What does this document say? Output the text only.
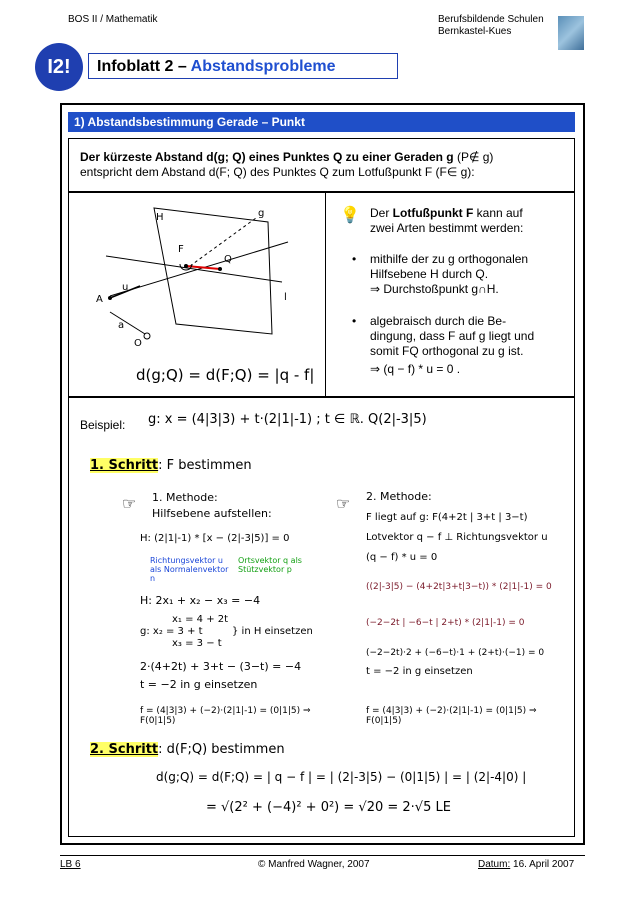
BOS II / Mathematik	Berufsbildende Schulen
Bernkastel-Kues
I2!	Infoblatt 2 – Abstandsprobleme
1) Abstandsbestimmung Gerade – Punkt
Der kürzeste Abstand d(g; Q) eines Punktes Q zu einer Geraden g (P∉ g)
entspricht dem Abstand d(F; Q) des Punktes Q zum Lotfußpunkt F (F∈ g):
H	g
F
Q
A
u
a
O
l
d(g;Q) = d(F;Q) = |q - f|
💡 Der Lotfußpunkt F kann auf
zwei Arten bestimmt werden:
• mithilfe der zu g orthogonalen
Hilfsebene H durch Q.
⇒ Durchstoßpunkt g∩H.
• algebraisch durch die Be-
dingung, dass F auf g liegt und
somit FQ orthogonal zu g ist.
⇒ (q − f) * u = 0 .
Beispiel: g: x = (4|3|3) + t·(2|1|-1) ; t ∈ ℝ. Q(2|-3|5)
1. Schritt: F bestimmen
☞ 1. Methode:
Hilfsebene aufstellen:
H: (2|1|-1) * [x − (2|-3|5)] = 0
Richtungsvektor u als Normalenvektor n
Ortsvektor q als Stützvektor p
H: 2x₁ + x₂ − x₃ = −4
x₁ = 4 + 2t
g: x₂ = 3 + t
x₃ = 3 − t
} in H einsetzen
2·(4+2t) + 3+t − (3−t) = −4
t = −2 in g einsetzen
f = (4|3|3) + (−2)·(2|1|-1) = (0|1|5) ⇒ F(0|1|5)
☞ 2. Methode:
F liegt auf g: F(4+2t | 3+t | 3−t)
Lotvektor q − f ⊥ Richtungsvektor u
(q − f) * u = 0
((2|-3|5) − (4+2t|3+t|3−t)) * (2|1|-1) = 0
(−2−2t | −6−t | 2+t) * (2|1|-1) = 0
(−2−2t)·2 + (−6−t)·1 + (2+t)·(−1) = 0
t = −2 in g einsetzen
f = (4|3|3) + (−2)·(2|1|-1) = (0|1|5) ⇒ F(0|1|5)
2. Schritt: d(F;Q) bestimmen
d(g;Q) = d(F;Q) = | q − f | = | (2|-3|5) − (0|1|5) | = | (2|-4|0) |
= √(2² + (−4)² + 0²) = √20 = 2·√5 LE
LB 6	© Manfred Wagner, 2007	Datum: 16. April 2007
